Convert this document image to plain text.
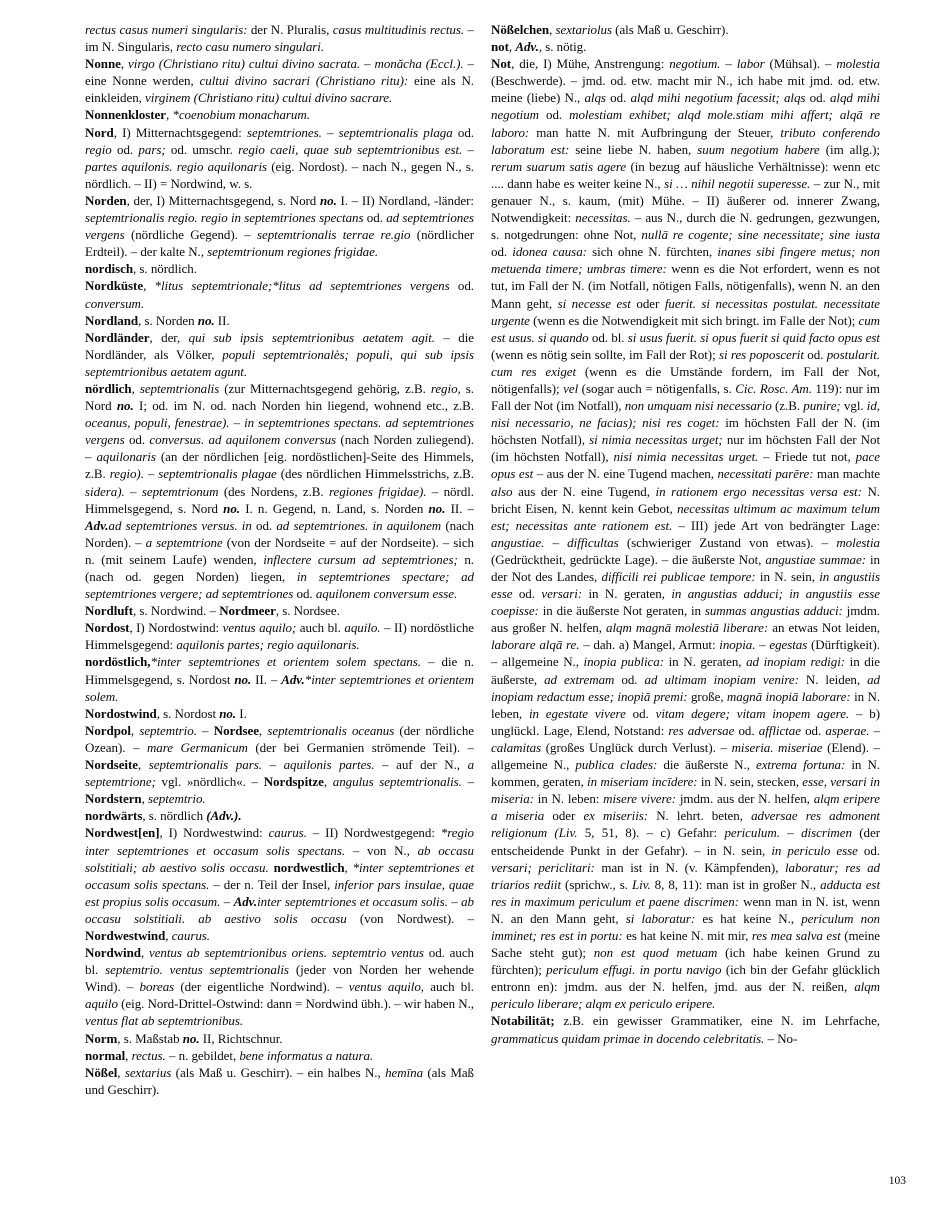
rectus casus numeri singularis: der N. Pluralis, casus multitudinis rectus. – im N. Singularis, recto casu numero singulari.
Nonne, virgo (Christiano ritu) cultui divino sacrata. – monăcha (Eccl.). – eine Nonne werden, cultui divino sacrari (Christiano ritu): eine als N. einkleiden, virginem (Christiano ritu) cultui divino sacrare.
Nonnenkloster, *coenobium monacharum.
Nord, I) Mitternachtsgegend: septemtriones. – septemtrionalis plaga od. regio od. pars; od. umschr. regio caeli, quae sub septemtrionibus est. – partes aquilonis. regio aquilonaris (eig. Nordost). – nach N., gegen N., s. nördlich. – II) = Nordwind, w. s.
Norden, der, I) Mitternachtsgegend, s. Nord no. I. – II) Nordland, -länder: septemtrionalis regio. regio in septemtriones spectans od. ad septemtriones vergens (nördliche Gegend). – septemtrionalis terrae re.gio (nördlicher Erdteil). – der kalte N., septemtrionum regiones frigidae.
nordisch, s. nördlich.
Nordküste, *litus septemtrionale;*litus ad septemtriones vergens od. conversum.
Nordland, s. Norden no. II.
Nordländer, der, qui sub ipsis septemtrionibus aetatem agit. – die Nordländer, als Völker, populi septemtrionalès; populi, qui sub ipsis septemtrionibus aetatem agunt.
nördlich, septemtrionalis (zur Mitternachtsgegend gehörig, z.B. regio, s. Nord no. I; od. im N. od. nach Norden hin liegend, wohnend etc., z.B. oceanus, populi, fenestrae). – in septemtriones spectans. ad septemtriones vergens od. conversus. ad aquilonem conversus (nach Norden zuliegend). – aquilonaris (an der nördlichen [eig. nordöstlichen]-Seite des Himmels, z.B. regio). – septemtrionalis plagae (des nördlichen Himmelsstrichs, z.B. sidera). – septemtrionum (des Nordens, z.B. regiones frigidae). – nördl. Himmelsgegend, s. Nord no. I. n. Gegend, n. Land, s. Norden no. II. – Adv.ad septemtriones versus. in od. ad septemtriones. in aquilonem (nach Norden). – a septemtrione (von der Nordseite = auf der Nordseite). – sich n. (mit seinem Laufe) wenden, inflectere cursum ad septemtriones; n. (nach od. gegen Norden) liegen, in septemtriones spectare; ad septemtriones vergere; ad septemtriones od. aquilonem conversum esse.
Nordluft, s. Nordwind. – Nordmeer, s. Nordsee.
Nordost, I) Nordostwind: ventus aquilo; auch bl. aquilo. – II) nordöstliche Himmelsgegend: aquilonis partes; regio aquilonaris.
nordöstlich,*inter septemtriones et orientem solem spectans. – die n. Himmelsgegend, s. Nordost no. II. – Adv.*inter septemtriones et orientem solem.
Nordostwind, s. Nordost no. I.
Nordpol, septemtrio. – Nordsee, septemtrionalis oceanus (der nördliche Ozean). – mare Germanicum (der bei Germanien strömende Teil). – Nordseite, septemtrionalis pars. – aquilonis partes. – auf der N., a septemtrione; vgl. »nördlich«. – Nordspitze, angulus septemtrionalis. – Nordstern, septemtrio.
nordwärts, s. nördlich (Adv.).
Nordwest[en], I) Nordwestwind: caurus. – II) Nordwestgegend: *regio inter septemtriones et occasum solis spectans. – von N., ab occasu solstitiali; ab aestivo solis occasu. nordwestlich, *inter septemtriones et occasum solis spectans. – der n. Teil der Insel, inferior pars insulae, quae est propius solis occasum. – Adv.inter septemtriones et occasum solis. – ab occasu solstitiali. ab aestivo solis occasu (von Nordwest). – Nordwestwind, caurus.
Nordwind, ventus ab septemtrionibus oriens. septemtrio ventus od. auch bl. septemtrio. ventus septemtrionalis (jeder von Norden her wehende Wind). – boreas (der eigentliche Nordwind). – ventus aquilo, auch bl. aquilo (eig. Nord-Drittel-Ostwind: dann = Nordwind übh.). – wir haben N., ventus flat ab septemtrionibus.
Norm, s. Maßstab no. II, Richtschnur.
normal, rectus. – n. gebildet, bene informatus a natura.
Nößel, sextarius (als Maß u. Geschirr). – ein halbes N., hemīna (als Maß und Geschirr).
Nößelchen, sextariolus (als Maß u. Geschirr).
not, Adv., s. nötig.
Not, die, I) Mühe, Anstrengung: negotium. – labor (Mühsal). – molestia (Beschwerde). – jmd. od. etw. macht mir N., ich habe mit jmd. od. etw. meine (liebe) N., alqs od. alqd mihi negotium facessit; alqs od. alqd mihi negotium od. molestiam exhibet; alqd mole.stiam mihi affert; alqā re laboro: man hatte N. mit Aufbringung der Steuer, tributo conferendo laboratum est: seine liebe N. haben, suum negotium habere (im allg.); rerum suarum satis agere (in bezug auf häusliche Verhältnisse): wenn etc .... dann habe es weiter keine N., si … nihil negotii superesse. – zur N., mit genauer N., s. kaum, (mit) Mühe. – II) äußerer od. innerer Zwang, Notwendigkeit: necessitas. – aus N., durch die N. gedrungen, gezwungen, s. notgedrungen: ohne Not, nullā re cogente; sine necessitate; sine iusta od. idonea causa: sich ohne N. fürchten, inanes sibi fingere metus; non metuenda timere; umbras timere: wenn es die Not erfordert, wenn es not tut, im Fall der N. (im Notfall, nötigen Falls, nötigenfalls), wenn N. an den Mann geht, si necesse est oder fuerit. si necessitas postulat. necessitate urgente (wenn es die Notwendigkeit mit sich bringt. im Falle der Not); cum est usus. si quando od. bl. si usus fuerit. si opus fuerit si quid facto opus est (wenn es nötig sein sollte, im Fall der Rot); si res poposcerit od. postularit. cum res exiget (wenn es die Umstände fordern, im Fall der Not, nötigenfalls); vel (sogar auch = nötigenfalls, s. Cic. Rosc. Am. 119): nur im Fall der Not (im Notfall), non umquam nisi necessario (z.B. punire; vgl. id, nisi necessario, ne facias); nisi res coget: im höchsten Fall der N. (im höchsten Notfall), si nimia necessitas urget; nur im höchsten Fall der Not (im höchsten Notfall), nisi nimia necessitas urget. – Friede tut not, pace opus est – aus der N. eine Tugend machen, necessitati parēre: man machte also aus der N. eine Tugend, in rationem ergo necessitas versa est: N. bricht Eisen, N. kennt kein Gebot, necessitas ultimum ac maximum telum est; necessitas ante rationem est. – III) jede Art von bedrängter Lage: angustiae. – difficultas (schwieriger Zustand von etwas). – molestia (Gedrücktheit, gedrückte Lage). – die äußerste Not, angustiae summae: in der Not des Landes, difficili rei publicae tempore: in N. sein, in angustiis esse od. versari: in N. geraten, in angustias adduci; in angustiis esse coepisse: in die äußerste Not geraten, in summas angustias adduci: jmdm. aus großer N. helfen, alqm magnā molestiā liberare: an etwas Not leiden, laborare alqā re. – dah. a) Mangel, Armut: inopia. – egestas (Dürftigkeit). – allgemeine N., inopia publica: in N. geraten, ad inopiam redigi: in die äußerste, ad extremam od. ad ultimam inopiam venire: N. leiden, ad inopiam redactum esse; inopiā premi: große, magnā inopiā laborare: in N. leben, in egestate vivere od. vitam degere; vitam inopem agere. – b) unglückl. Lage, Elend, Notstand: res adversae od. afflictae od. asperae. – calamitas (großes Unglück durch Verlust). – miseria. miseriae (Elend). – allgemeine N., publica clades: die äußerste N., extrema fortuna: in N. kommen, geraten, in miseriam incīdere: in N. sein, stecken, esse, versari in miseria: in N. leben: misere vivere: jmdm. aus der N. helfen, alqm eripere a miseria oder ex miseriis: N. lehrt. beten, adversae res admonent religionum (Liv. 5, 51, 8). – c) Gefahr: periculum. – discrimen (der entscheidende Punkt in der Gefahr). – in N. sein, in periculo esse od. versari; periclitari: man ist in N. (v. Kämpfenden), laboratur; res ad triarios rediit (sprichw., s. Liv. 8, 8, 11): man ist in großer N., adducta est res in maximum periculum et paene discrimen: wenn man in N. ist, wenn N. an den Mann geht, si laboratur: es hat keine N., periculum non imminet; res est in portu: es hat keine N. mit mir, res mea salva est (meine Sache steht gut); non est quod metuam (ich habe keinen Grund zu fürchten); periculum effugi. in portu navigo (ich bin der Gefahr glücklich entronn en): jmdm. aus der N. helfen, jmd. aus der N. reißen, alqm periculo liberare; alqm ex periculo eripere.
Notabilität; z.B. ein gewisser Grammatiker, eine N. im Lehrfache, grammaticus quidam primae in docendo celebritatis. – No-
103
